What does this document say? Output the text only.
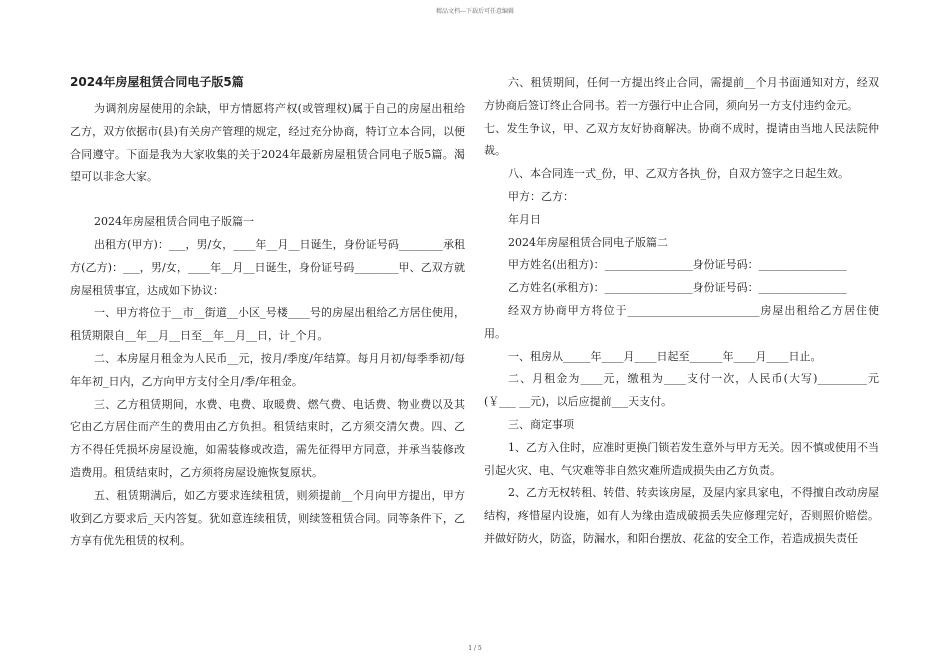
精品文档---下载后可任意编辑
2024年房屋租赁合同电子版5篇

为调剂房屋使用的余缺，甲方情愿将产权(或管理权)属于自己的房屋出租给乙方，双方依据市(县)有关房产管理的规定，经过充分协商，特订立本合同，以便合同遵守。下面是我为大家收集的关于2024年最新房屋租赁合同电子版5篇。渴望可以非念大家。

2024年房屋租赁合同电子版篇一

出租方(甲方)：___，男/女，____年__月__日诞生，身份证号码________承租方(乙方)：___，男/女，____年__月__日诞生，身份证号码________甲、乙双方就房屋租赁事宜，达成如下协议：

一、甲方将位于__市__街道__小区_号楼____号的房屋出租给乙方居住使用，租赁期限自__年__月__日至__年__月__日，计_个月。

二、本房屋月租金为人民币__元，按月/季度/年结算。每月月初/每季季初/每年年初_日内，乙方向甲方支付全月/季/年租金。

三、乙方租赁期间，水费、电费、取暖费、燃气费、电话费、物业费以及其它由乙方居住而产生的费用由乙方负担。租赁结束时，乙方须交清欠费。四、乙方不得任凭损坏房屋设施，如需装修或改造，需先征得甲方同意，并承当装修改造费用。租赁结束时，乙方须将房屋设施恢复原状。

五、租赁期满后，如乙方要求连续租赁，则须提前__个月向甲方提出，甲方收到乙方要求后_天内答复。犹如意连续租赁，则续签租赁合同。同等条件下，乙方享有优先租赁的权利。

六、租赁期间，任何一方提出终止合同，需提前__个月书面通知对方，经双方协商后签订终止合同书。若一方强行中止合同，须向另一方支付违约金元。

七、发生争议，甲、乙双方友好协商解决。协商不成时，提请由当地人民法院仲裁。

八、本合同连一式_份，甲、乙双方各执_份，自双方签字之日起生效。

甲方：乙方：

年月日

2024年房屋租赁合同电子版篇二

甲方姓名(出租方)：________________身份证号码：________________

乙方姓名(承租方)：________________身份证号码：________________

经双方协商甲方将位于________________________房屋出租给乙方居住使用。

一、租房从_____年____月____日起至______年____月____日止。

二、月租金为____元，缴租为____支付一次，人民币(大写)_________元(￥___ __元)，以后应提前___天支付。

三、商定事项

1、乙方入住时，应准时更换门锁若发生意外与甲方无关。因不慎或使用不当引起火灾、电、气灾难等非自然灾难所造成损失由乙方负责。

2、乙方无权转租、转借、转卖该房屋，及屋内家具家电，不得擅自改动房屋结构，疼惜屋内设施，如有人为缘由造成破损丢失应修理完好，否则照价赔偿。并做好防火，防盗，防漏水，和阳台摆放、花盆的安全工作，若造成损失责任

1 / 5
